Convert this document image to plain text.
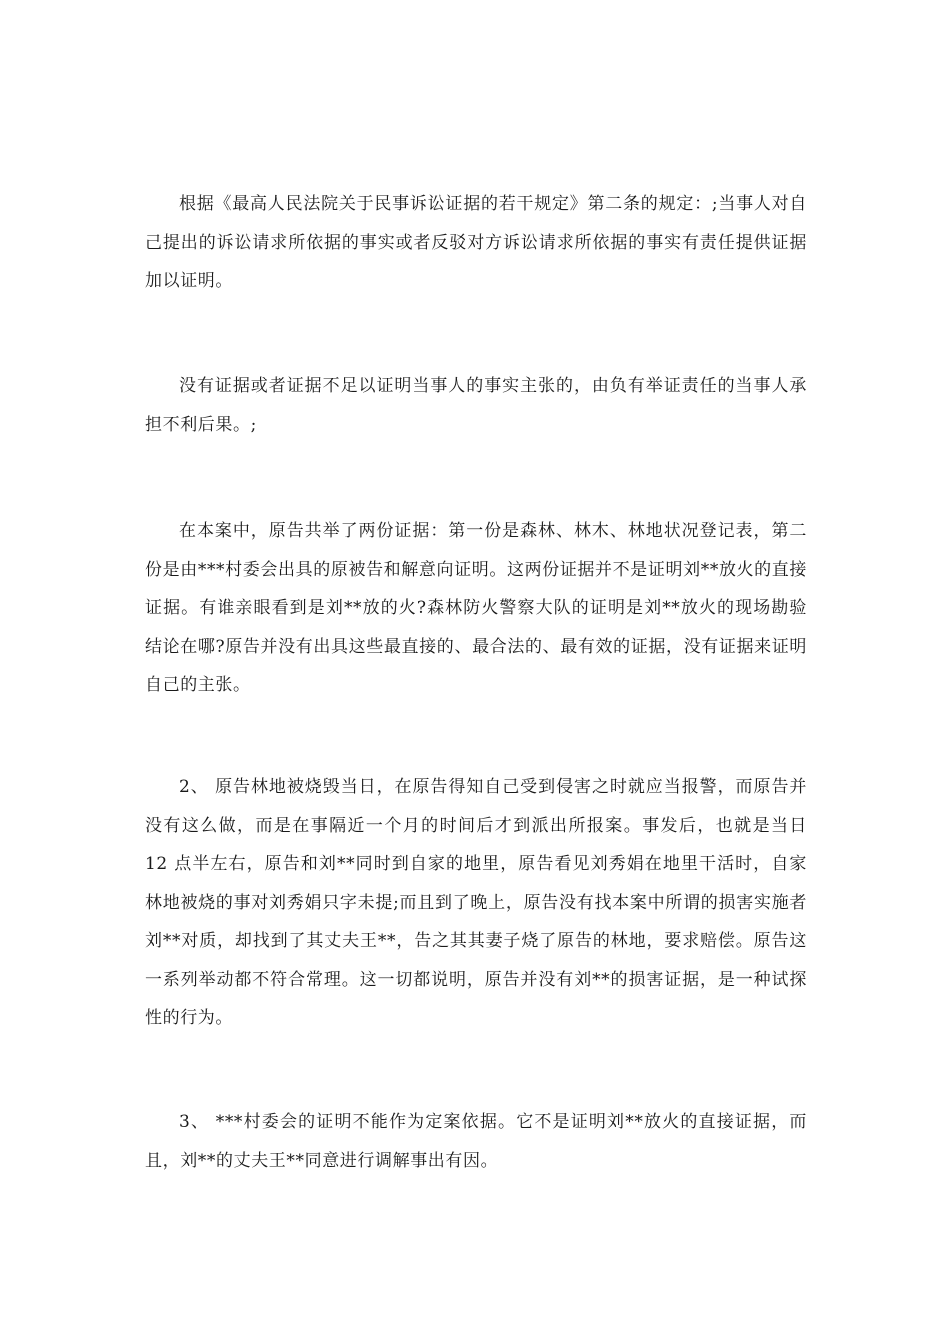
根据《最高人民法院关于民事诉讼证据的若干规定》第二条的规定：;当事人对自己提出的诉讼请求所依据的事实或者反驳对方诉讼请求所依据的事实有责任提供证据加以证明。

没有证据或者证据不足以证明当事人的事实主张的，由负有举证责任的当事人承担不利后果。;

在本案中，原告共举了两份证据：第一份是森林、林木、林地状况登记表，第二份是由***村委会出具的原被告和解意向证明。这两份证据并不是证明刘**放火的直接证据。有谁亲眼看到是刘**放的火?森林防火警察大队的证明是刘**放火的现场勘验结论在哪?原告并没有出具这些最直接的、最合法的、最有效的证据，没有证据来证明自己的主张。

2、 原告林地被烧毁当日，在原告得知自己受到侵害之时就应当报警，而原告并没有这么做，而是在事隔近一个月的时间后才到派出所报案。事发后，也就是当日 12 点半左右，原告和刘**同时到自家的地里，原告看见刘秀娟在地里干活时，自家林地被烧的事对刘秀娟只字未提;而且到了晚上，原告没有找本案中所谓的损害实施者刘**对质，却找到了其丈夫王**，告之其其妻子烧了原告的林地，要求赔偿。原告这一系列举动都不符合常理。这一切都说明，原告并没有刘**的损害证据，是一种试探性的行为。

3、 ***村委会的证明不能作为定案依据。它不是证明刘**放火的直接证据，而且，刘**的丈夫王**同意进行调解事出有因。
